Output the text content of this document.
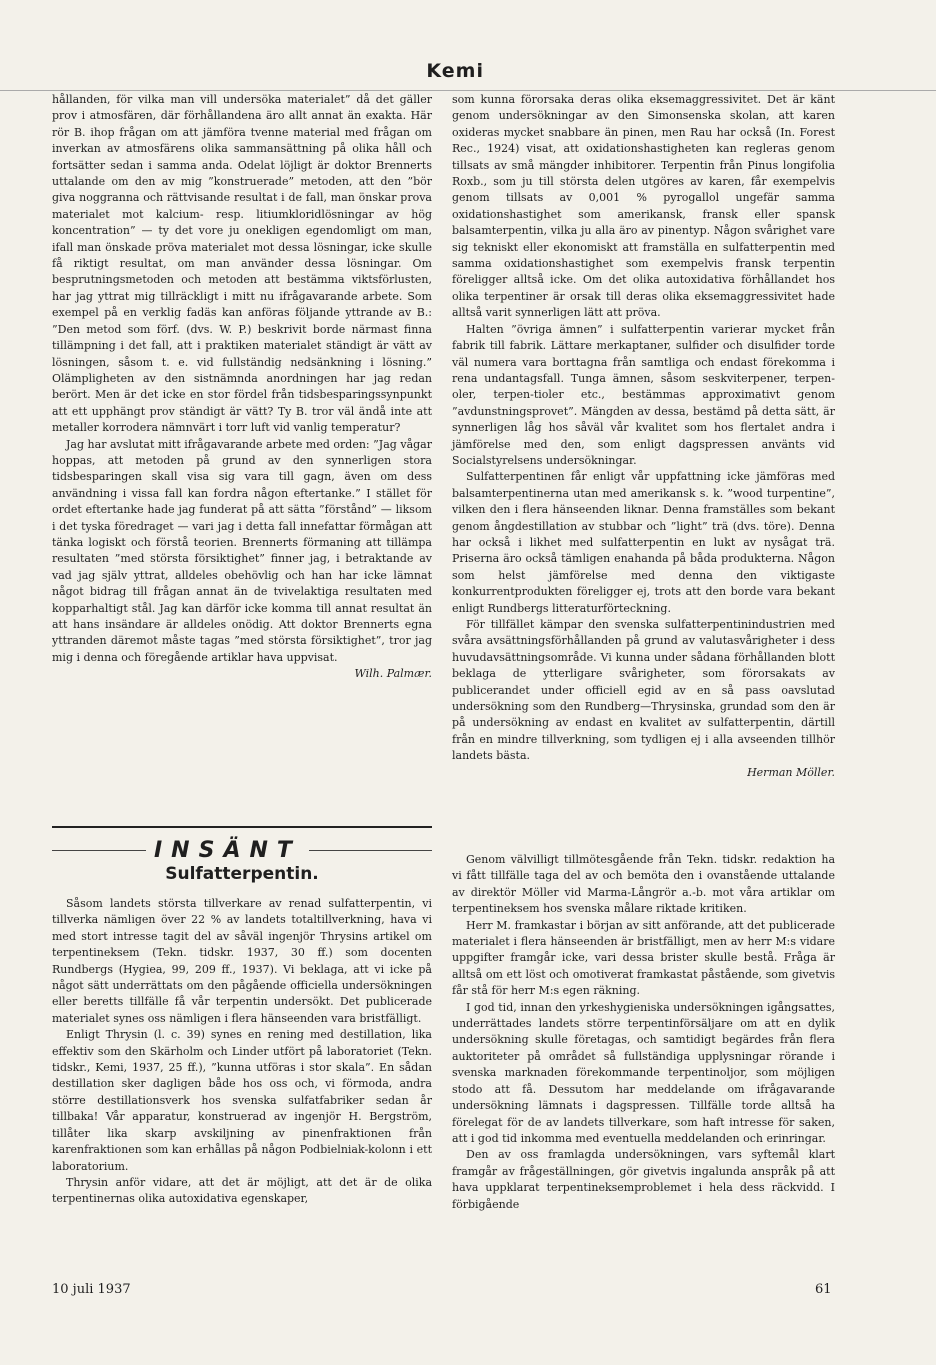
Kemi

hållanden, för vilka man vill undersöka materialet” då det gäller prov i atmosfären, där förhållandena äro allt annat än exakta. Här rör B. ihop frågan om att jämföra tvenne material med frågan om inverkan av atmosfärens olika sammansättning på olika håll och fortsätter sedan i samma anda. Odelat löjligt är doktor Brennerts uttalande om den av mig ”konstruerade” metoden, att den ”bör giva noggranna och rättvisande resultat i de fall, man önskar prova materialet mot kalcium- resp. litiumkloridlösningar av hög koncentration” — ty det vore ju onekligen egendomligt om man, ifall man önskade pröva materialet mot dessa lösningar, icke skulle få riktigt resultat, om man använder dessa lösningar. Om besprutningsmetoden och metoden att bestämma viktsförlusten, har jag yttrat mig tillräckligt i mitt nu ifrågavarande arbete. Som exempel på en verklig fadäs kan anföras följande yttrande av B.: ”Den metod som förf. (dvs. W. P.) beskrivit borde närmast finna tillämpning i det fall, att i praktiken materialet ständigt är vätt av lösningen, såsom t. e. vid fullständig nedsänkning i lösning.” Olämpligheten av den sistnämnda anordningen har jag redan berört. Men är det icke en stor fördel från tidsbesparingssynpunkt att ett upphängt prov ständigt är vätt? Ty B. tror väl ändå inte att metaller korrodera nämnvärt i torr luft vid vanlig temperatur?

Jag har avslutat mitt ifrågavarande arbete med orden: ”Jag vågar hoppas, att metoden på grund av den synnerligen stora tidsbesparingen skall visa sig vara till gagn, även om dess användning i vissa fall kan fordra någon eftertanke.” I stället för ordet eftertanke hade jag funderat på att sätta ”förstånd” — liksom i det tyska föredraget — vari jag i detta fall innefattar förmågan att tänka logiskt och förstå teorien. Brennerts förmaning att tillämpa resultaten ”med största försiktighet” finner jag, i betraktande av vad jag själv yttrat, alldeles obehövlig och han har icke lämnat något bidrag till frågan annat än de tvivelaktiga resultaten med kopparhaltigt stål. Jag kan därför icke komma till annat resultat än att hans insändare är alldeles onödig. Att doktor Brennerts egna yttranden däremot måste tagas ”med största försiktighet”, tror jag mig i denna och föregående artiklar hava uppvisat.

Wilh. Palmær.

INSÄNT
Sulfatterpentin.

Såsom landets största tillverkare av renad sulfatterpentin, vi tillverka nämligen över 22 % av landets totaltillverkning, hava vi med stort intresse tagit del av såväl ingenjör Thrysins artikel om terpentineksem (Tekn. tidskr. 1937, 30 ff.) som docenten Rundbergs (Hygiea, 99, 209 ff., 1937). Vi beklaga, att vi icke på något sätt underrättats om den pågående officiella undersökningen eller beretts tillfälle få vår terpentin undersökt. Det publicerade materialet synes oss nämligen i flera hänseenden vara bristfälligt.

Enligt Thrysin (l. c. 39) synes en rening med destillation, lika effektiv som den Skärholm och Linder utfört på laboratoriet (Tekn. tidskr., Kemi, 1937, 25 ff.), ”kunna utföras i stor skala”. En sådan destillation sker dagligen både hos oss och, vi förmoda, andra större destillationsverk hos svenska sulfatfabriker sedan år tillbaka! Vår apparatur, konstruerad av ingenjör H. Bergström, tillåter lika skarp avskiljning av pinenfraktionen från karenfraktionen som kan erhållas på någon Podbielniak-kolonn i ett laboratorium.

Thrysin anför vidare, att det är möjligt, att det är de olika terpentinernas olika autoxidativa egenskaper,

som kunna förorsaka deras olika eksemaggressivitet. Det är känt genom undersökningar av den Simonsenska skolan, att karen oxideras mycket snabbare än pinen, men Rau har också (In. Forest Rec., 1924) visat, att oxidationshastigheten kan regleras genom tillsats av små mängder inhibitorer. Terpentin från Pinus longifolia Roxb., som ju till största delen utgöres av karen, får exempelvis genom tillsats av 0,001 % pyrogallol ungefär samma oxidationshastighet som amerikansk, fransk eller spansk balsamterpentin, vilka ju alla äro av pinentyp. Någon svårighet vare sig tekniskt eller ekonomiskt att framställa en sulfatterpentin med samma oxidationshastighet som exempelvis fransk terpentin föreligger alltså icke. Om det olika autoxidativa förhållandet hos olika terpentiner är orsak till deras olika eksemaggressivitet hade alltså varit synnerligen lätt att pröva.

Halten ”övriga ämnen” i sulfatterpentin varierar mycket från fabrik till fabrik. Lättare merkaptaner, sulfider och disulfider torde väl numera vara borttagna från samtliga och endast förekomma i rena undantagsfall. Tunga ämnen, såsom seskviterpener, terpen-oler, terpen-tioler etc., bestämmas approximativt genom ”avdunstningsprovet”. Mängden av dessa, bestämd på detta sätt, är synnerligen låg hos såväl vår kvalitet som hos flertalet andra i jämförelse med den, som enligt dagspressen använts vid Socialstyrelsens undersökningar.

Sulfatterpentinen får enligt vår uppfattning icke jämföras med balsamterpentinerna utan med amerikansk s. k. ”wood turpentine”, vilken den i flera hänseenden liknar. Denna framställes som bekant genom ångdestillation av stubbar och ”light” trä (dvs. töre). Denna har också i likhet med sulfatterpentin en lukt av nysågat trä. Priserna äro också tämligen enahanda på båda produkterna. Någon som helst jämförelse med denna den viktigaste konkurrentprodukten föreligger ej, trots att den borde vara bekant enligt Rundbergs litteraturförteckning.

För tillfället kämpar den svenska sulfatterpentinindustrien med svåra avsättningsförhållanden på grund av valutasvårigheter i dess huvudavsättningsområde. Vi kunna under sådana förhållanden blott beklaga de ytterligare svårigheter, som förorsakats av publicerandet under officiell egid av en så pass oavslutad undersökning som den Rundberg—Thrysinska, grundad som den är på undersökning av endast en kvalitet av sulfatterpentin, därtill från en mindre tillverkning, som tydligen ej i alla avseenden tillhör landets bästa.

Herman Möller.

Genom välvilligt tillmötesgående från Tekn. tidskr. redaktion ha vi fått tillfälle taga del av och bemöta den i ovanstående uttalande av direktör Möller vid Marma-Långrör a.-b. mot våra artiklar om terpentineksem hos svenska målare riktade kritiken.

Herr M. framkastar i början av sitt anförande, att det publicerade materialet i flera hänseenden är bristfälligt, men av herr M:s vidare uppgifter framgår icke, vari dessa brister skulle bestå. Fråga är alltså om ett löst och omotiverat framkastat påstående, som givetvis får stå för herr M:s egen räkning.

I god tid, innan den yrkeshygieniska undersökningen igångsattes, underrättades landets större terpentinförsäljare om att en dylik undersökning skulle företagas, och samtidigt begärdes från flera auktoriteter på området så fullständiga upplysningar rörande i svenska marknaden förekommande terpentinoljor, som möjligen stodo att få. Dessutom har meddelande om ifrågavarande undersökning lämnats i dagspressen. Tillfälle torde alltså ha förelegat för de av landets tillverkare, som haft intresse för saken, att i god tid inkomma med eventuella meddelanden och erinringar.

Den av oss framlagda undersökningen, vars syftemål klart framgår av frågeställningen, gör givetvis ingalunda anspråk på att hava uppklarat terpentineksemproblemet i hela dess räckvidd. I förbigående

10 juli 1937	61
